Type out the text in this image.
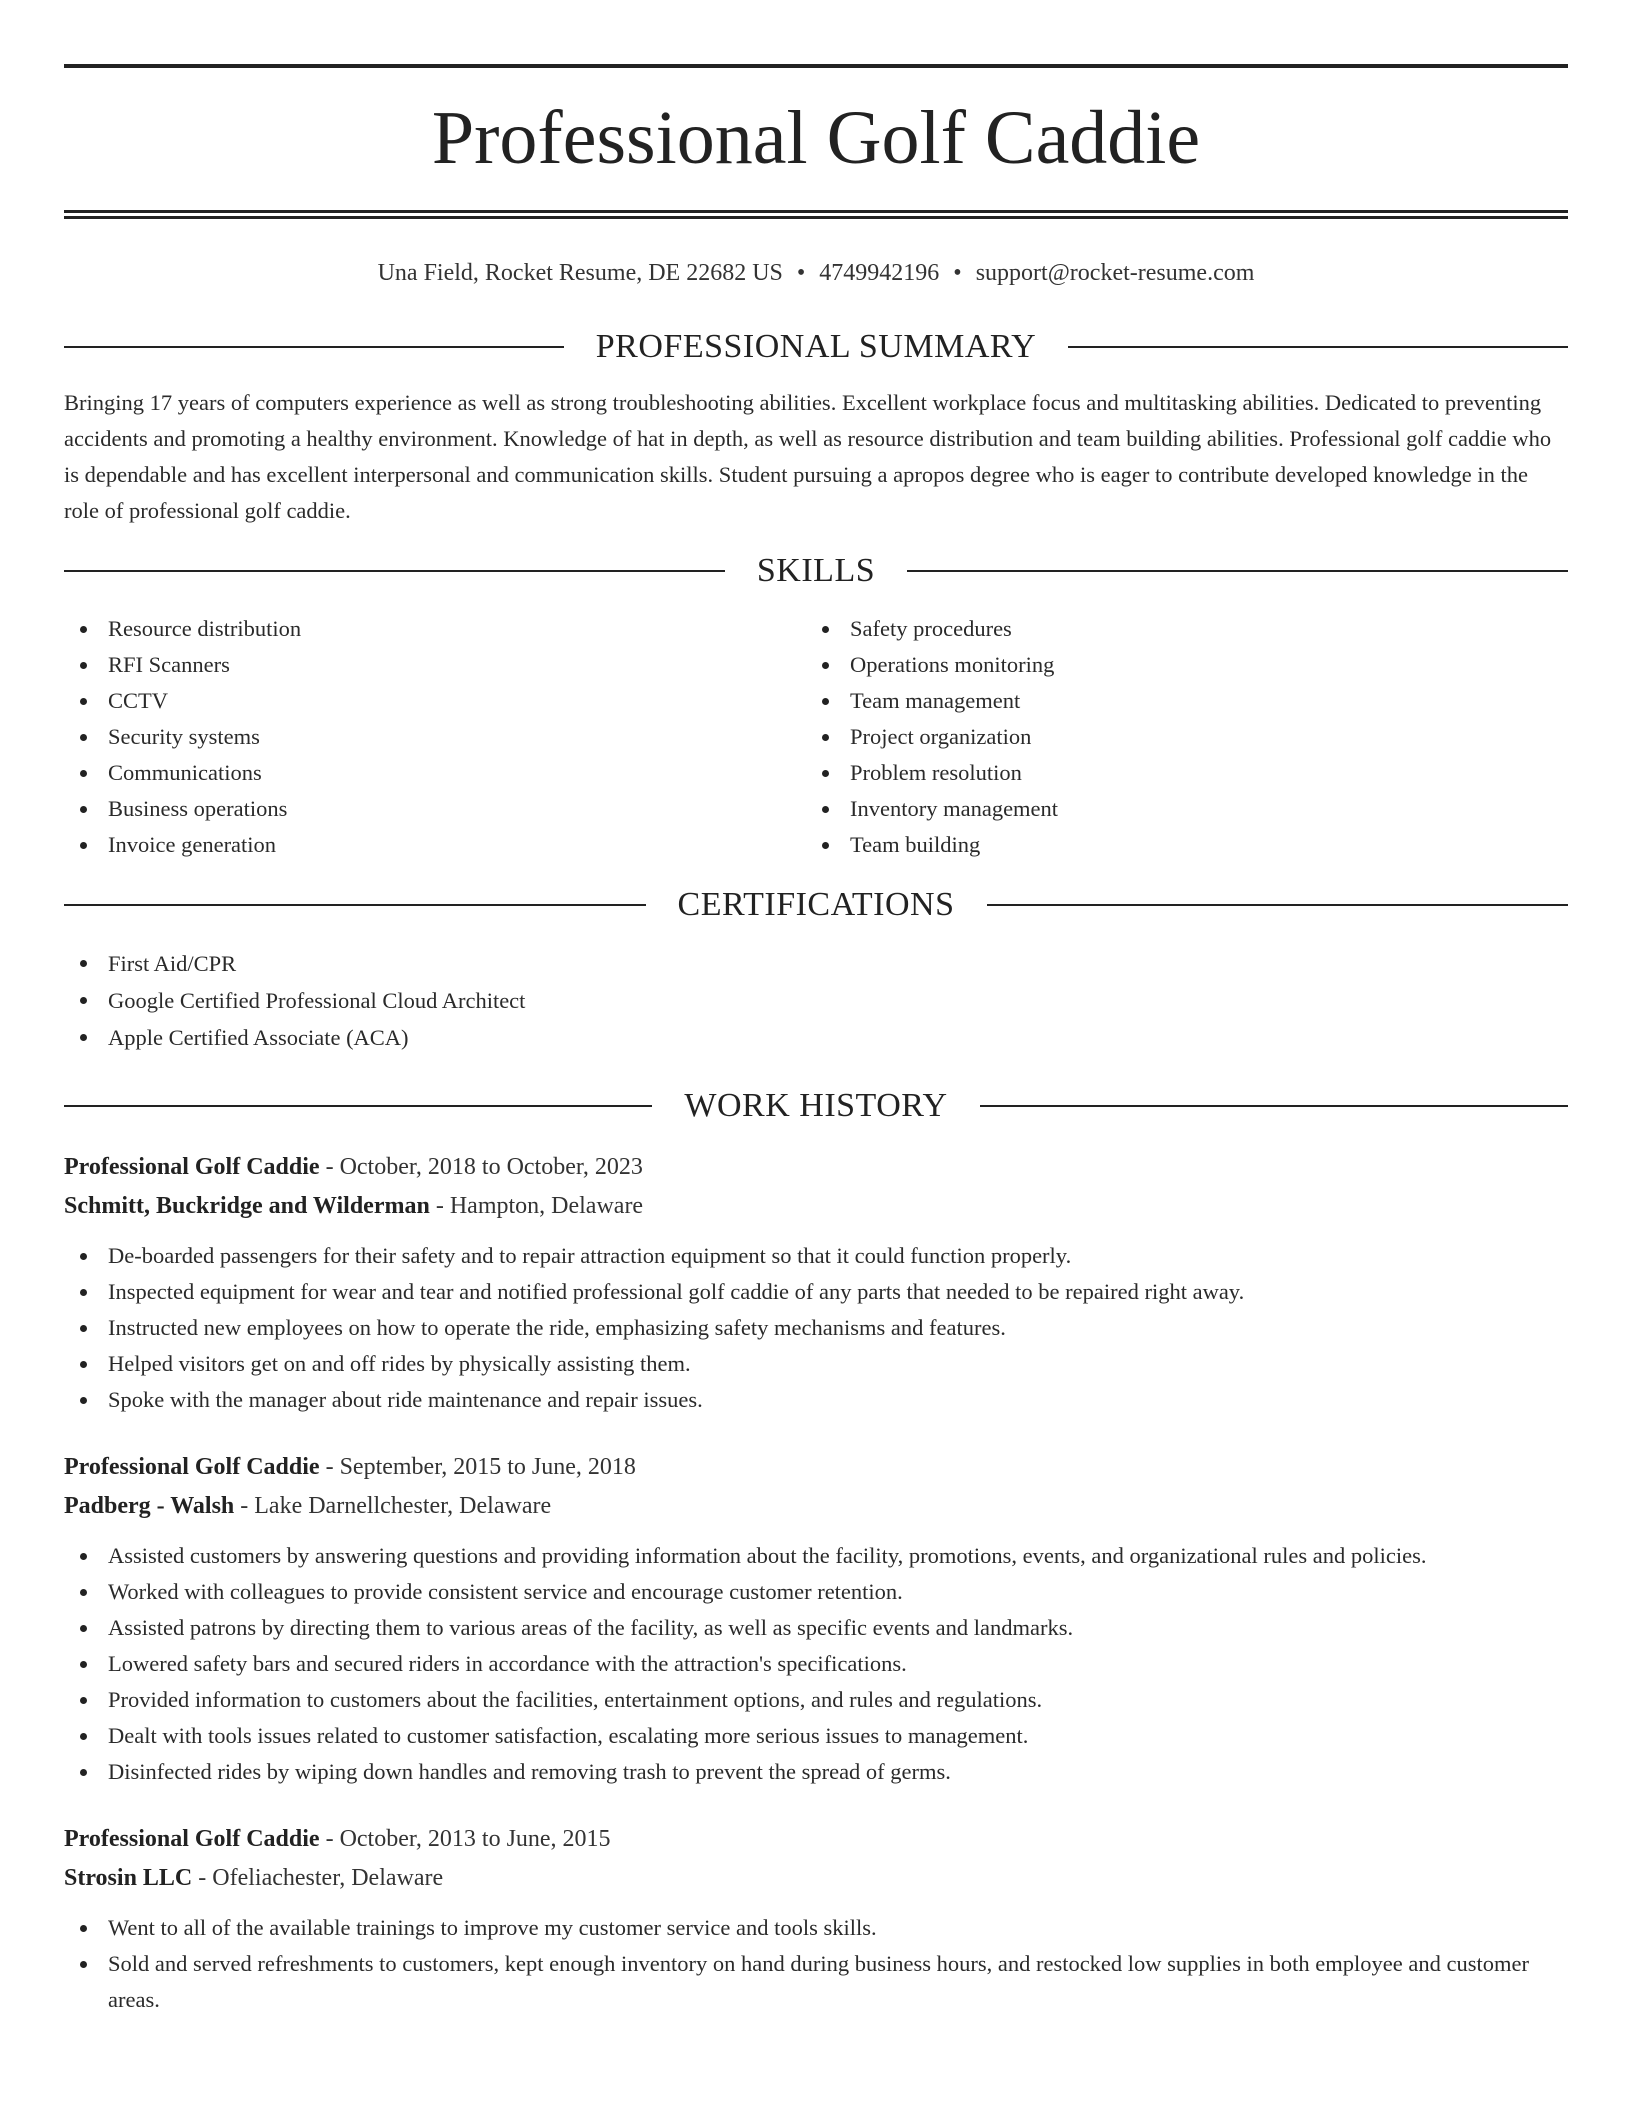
Professional Golf Caddie
Una Field, Rocket Resume, DE 22682 US • 4749942196 • support@rocket-resume.com
PROFESSIONAL SUMMARY

Bringing 17 years of computers experience as well as strong troubleshooting abilities. Excellent workplace focus and multitasking abilities. Dedicated to preventing accidents and promoting a healthy environment. Knowledge of hat in depth, as well as resource distribution and team building abilities. Professional golf caddie who is dependable and has excellent interpersonal and communication skills. Student pursuing a apropos degree who is eager to contribute developed knowledge in the role of professional golf caddie.

SKILLS
Resource distribution
RFI Scanners
CCTV
Security systems
Communications
Business operations
Invoice generation
Safety procedures
Operations monitoring
Team management
Project organization
Problem resolution
Inventory management
Team building
CERTIFICATIONS
First Aid/CPR
Google Certified Professional Cloud Architect
Apple Certified Associate (ACA)
WORK HISTORY
Professional Golf Caddie - October, 2018 to October, 2023
Schmitt, Buckridge and Wilderman - Hampton, Delaware
De-boarded passengers for their safety and to repair attraction equipment so that it could function properly.
Inspected equipment for wear and tear and notified professional golf caddie of any parts that needed to be repaired right away.
Instructed new employees on how to operate the ride, emphasizing safety mechanisms and features.
Helped visitors get on and off rides by physically assisting them.
Spoke with the manager about ride maintenance and repair issues.
Professional Golf Caddie - September, 2015 to June, 2018
Padberg - Walsh - Lake Darnellchester, Delaware
Assisted customers by answering questions and providing information about the facility, promotions, events, and organizational rules and policies.
Worked with colleagues to provide consistent service and encourage customer retention.
Assisted patrons by directing them to various areas of the facility, as well as specific events and landmarks.
Lowered safety bars and secured riders in accordance with the attraction's specifications.
Provided information to customers about the facilities, entertainment options, and rules and regulations.
Dealt with tools issues related to customer satisfaction, escalating more serious issues to management.
Disinfected rides by wiping down handles and removing trash to prevent the spread of germs.
Professional Golf Caddie - October, 2013 to June, 2015
Strosin LLC - Ofeliachester, Delaware
Went to all of the available trainings to improve my customer service and tools skills.
Sold and served refreshments to customers, kept enough inventory on hand during business hours, and restocked low supplies in both employee and customer areas.
